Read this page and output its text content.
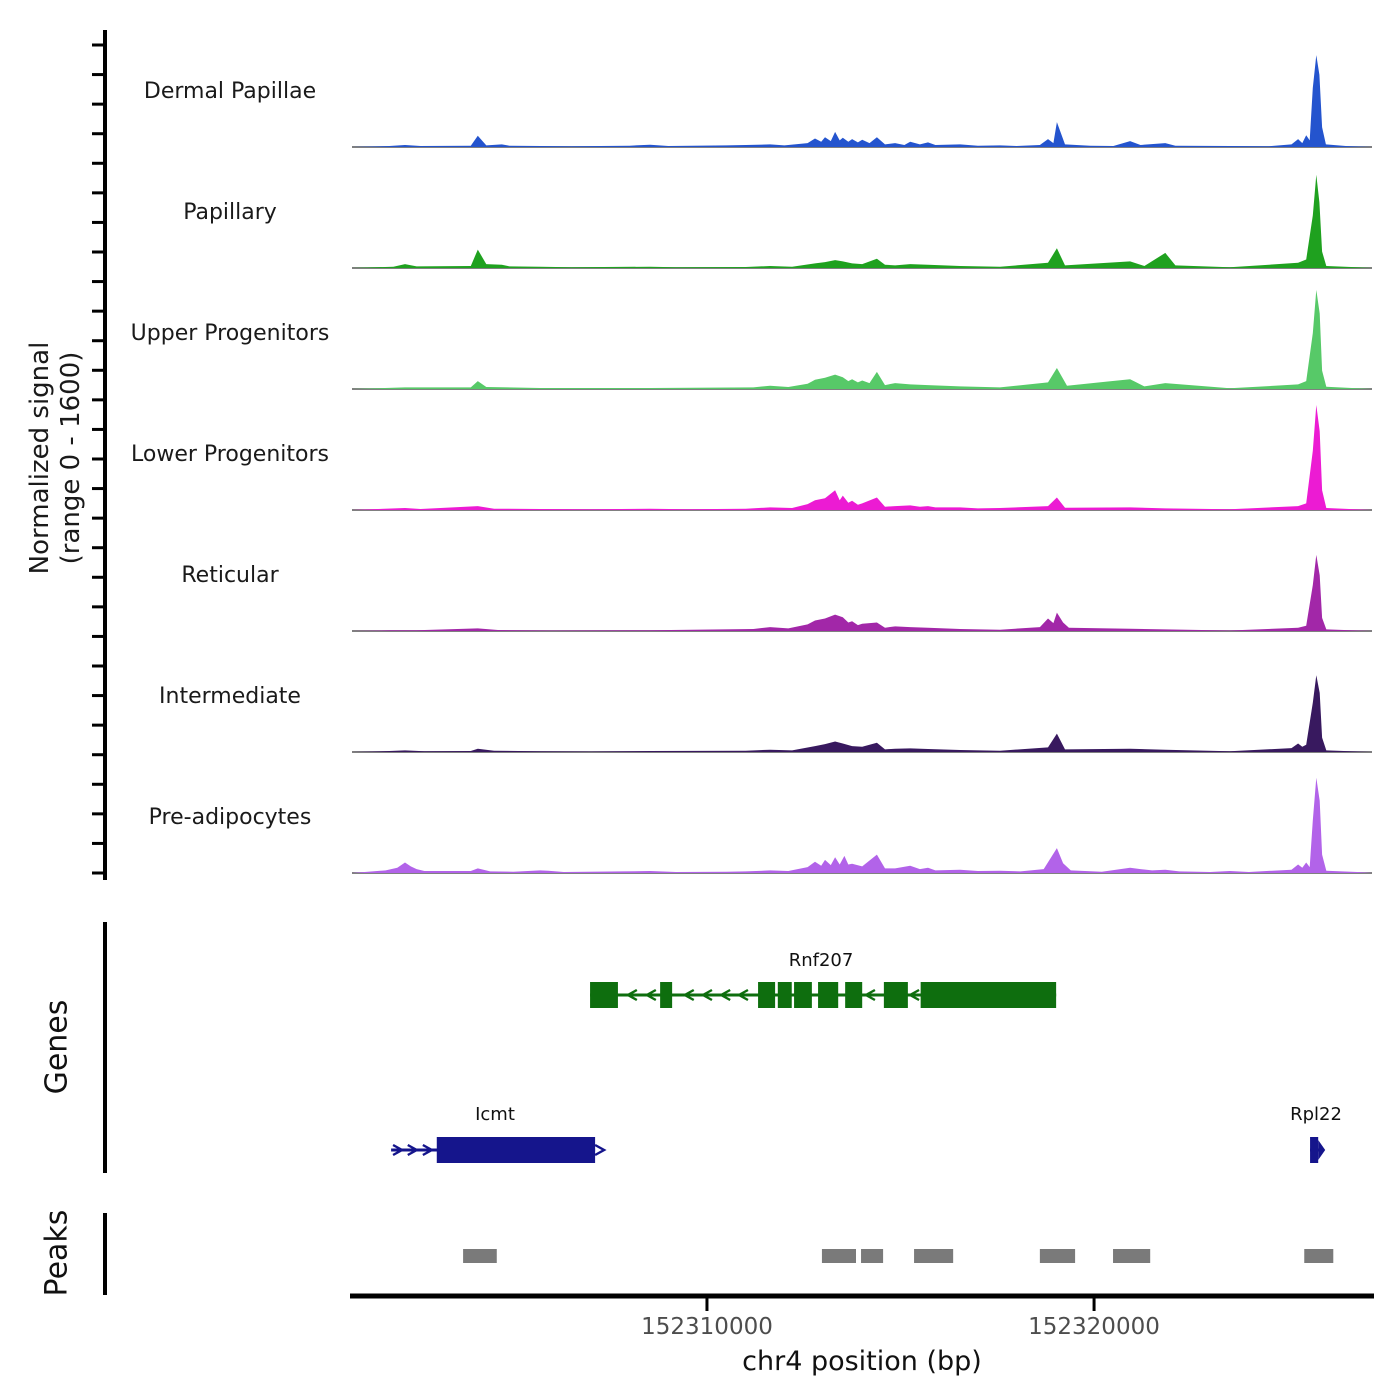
Normalized signal (range 0 - 1600)
Genes
Peaks
Dermal Papillae
Papillary
Upper Progenitors
Lower Progenitors
Reticular
Intermediate
Pre-adipocytes
Rnf207
Icmt	Rpl22
152310000	152320000
chr4 position (bp)
